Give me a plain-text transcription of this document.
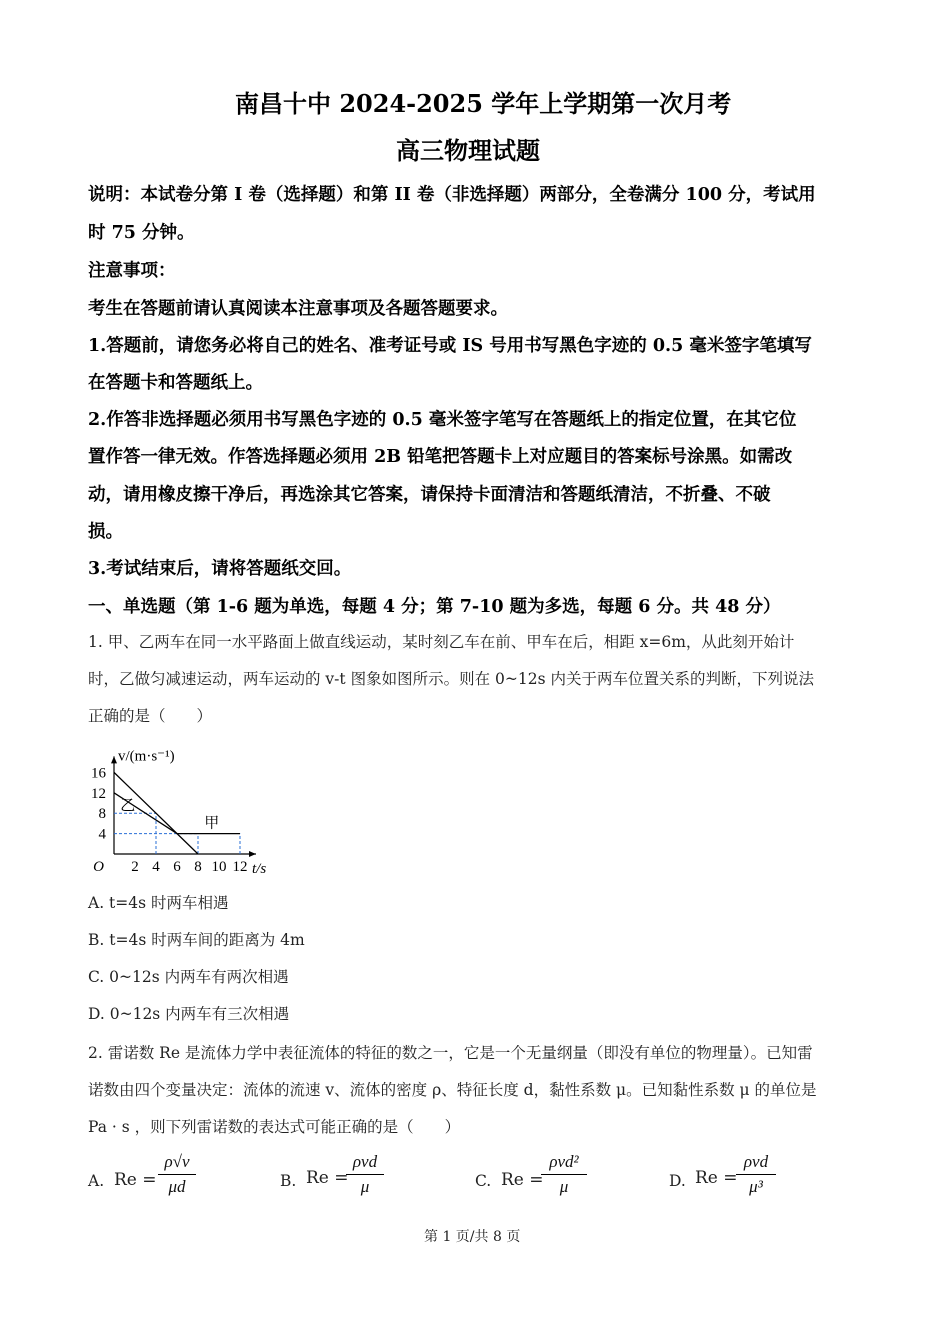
南昌十中 2024-2025 学年上学期第一次月考
高三物理试题
说明：本试卷分第 I 卷（选择题）和第 II 卷（非选择题）两部分，全卷满分 100 分，考试用
时 75 分钟。
注意事项：
考生在答题前请认真阅读本注意事项及各题答题要求。
1.答题前，请您务必将自己的姓名、准考证号或 IS 号用书写黑色字迹的 0.5 毫米签字笔填写
在答题卡和答题纸上。
2.作答非选择题必须用书写黑色字迹的 0.5 毫米签字笔写在答题纸上的指定位置，在其它位
置作答一律无效。作答选择题必须用 2B 铅笔把答题卡上对应题目的答案标号涂黑。如需改
动，请用橡皮擦干净后，再选涂其它答案，请保持卡面清洁和答题纸清洁，不折叠、不破
损。
3.考试结束后，请将答题纸交回。
一、单选题（第 1-6 题为单选，每题 4 分；第 7-10 题为多选，每题 6 分。共 48 分）
1. 甲、乙两车在同一水平路面上做直线运动，某时刻乙车在前、甲车在后，相距 x=6m，从此刻开始计
时，乙做匀减速运动，两车运动的 v-t 图象如图所示。则在 0~12s 内关于两车位置关系的判断，下列说法
正确的是（　　）
甲
乙
2 4 6 8 10 12
4
8
12
16
O	t/s
v/(m·s⁻¹)
A. t=4s 时两车相遇
B. t=4s 时两车间的距离为 4m
C. 0~12s 内两车有两次相遇
D. 0~12s 内两车有三次相遇
2. 雷诺数 Re 是流体力学中表征流体的特征的数之一，它是一个无量纲量（即没有单位的物理量）。已知雷
诺数由四个变量决定：流体的流速 v、流体的密度 ρ、特征长度 d，黏性系数 μ。已知黏性系数 μ 的单位是
Pa · s ，则下列雷诺数的表达式可能正确的是（　　）
A. Re =
ρ√v
μd	B. Re =
ρvd
μ	C. Re =
ρvd²
μ	D. Re =
ρvd
μ³
第 1 页/共 8 页
